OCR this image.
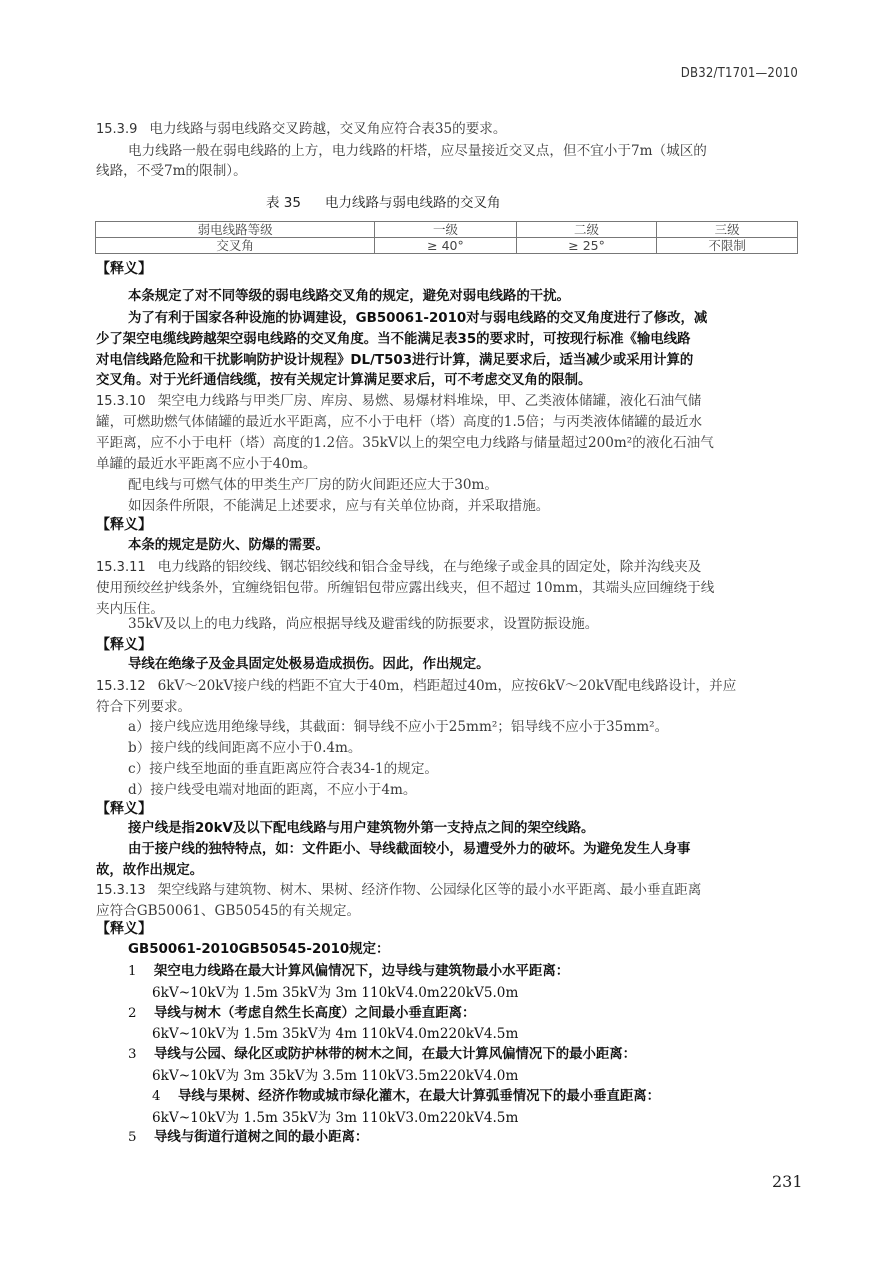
DB32/T1701—2010
15.3.9 电力线路与弱电线路交叉跨越，交叉角应符合表35的要求。
电力线路一般在弱电线路的上方，电力线路的杆塔，应尽量接近交叉点，但不宜小于7m（城区的
线路，不受7m的限制）。
表 35 电力线路与弱电线路的交叉角
弱电线路等级	一级	二级	三级
交叉角	≥ 40°	≥ 25°	不限制
【释义】
本条规定了对不同等级的弱电线路交叉角的规定，避免对弱电线路的干扰。
为了有利于国家各种设施的协调建设，GB50061-2010对与弱电线路的交叉角度进行了修改，减
少了架空电缆线跨越架空弱电线路的交叉角度。当不能满足表35的要求时，可按现行标准《输电线路
对电信线路危险和干扰影响防护设计规程》DL/T503进行计算，满足要求后，适当减少或采用计算的
交叉角。对于光纤通信线缆，按有关规定计算满足要求后，可不考虑交叉角的限制。
15.3.10 架空电力线路与甲类厂房、库房、易燃、易爆材料堆垛，甲、乙类液体储罐，液化石油气储
罐，可燃助燃气体储罐的最近水平距离，应不小于电杆（塔）高度的1.5倍；与丙类液体储罐的最近水
平距离，应不小于电杆（塔）高度的1.2倍。35kV以上的架空电力线路与储量超过200m²的液化石油气
单罐的最近水平距离不应小于40m。
配电线与可燃气体的甲类生产厂房的防火间距还应大于30m。
如因条件所限，不能满足上述要求，应与有关单位协商，并采取措施。
【释义】
本条的规定是防火、防爆的需要。
15.3.11 电力线路的铝绞线、钢芯铝绞线和铝合金导线，在与绝缘子或金具的固定处，除并沟线夹及
使用预绞丝护线条外，宜缠绕铝包带。所缠铝包带应露出线夹，但不超过 10mm，其端头应回缠绕于线
夹内压住。
35kV及以上的电力线路，尚应根据导线及避雷线的防振要求，设置防振设施。
【释义】
导线在绝缘子及金具固定处极易造成损伤。因此，作出规定。
15.3.12 6kV～20kV接户线的档距不宜大于40m，档距超过40m，应按6kV～20kV配电线路设计，并应
符合下列要求。
a）接户线应选用绝缘导线，其截面：铜导线不应小于25mm²；铝导线不应小于35mm²。
b）接户线的线间距离不应小于0.4m。
c）接户线至地面的垂直距离应符合表34-1的规定。
d）接户线受电端对地面的距离，不应小于4m。
【释义】
接户线是指20kV及以下配电线路与用户建筑物外第一支持点之间的架空线路。
由于接户线的独特特点，如：文件距小、导线截面较小，易遭受外力的破坏。为避免发生人身事
故，故作出规定。
15.3.13 架空线路与建筑物、树木、果树、经济作物、公园绿化区等的最小水平距离、最小垂直距离
应符合GB50061、GB50545的有关规定。
【释义】
GB50061-2010GB50545-2010规定：
1 架空电力线路在最大计算风偏情况下，边导线与建筑物最小水平距离：
6kV~10kV为 1.5m 35kV为 3m 110kV4.0m220kV5.0m
2 导线与树木（考虑自然生长高度）之间最小垂直距离：
6kV~10kV为 1.5m 35kV为 4m 110kV4.0m220kV4.5m
3 导线与公园、绿化区或防护林带的树木之间，在最大计算风偏情况下的最小距离：
6kV~10kV为 3m 35kV为 3.5m 110kV3.5m220kV4.0m
4 导线与果树、经济作物或城市绿化灌木，在最大计算弧垂情况下的最小垂直距离：
6kV~10kV为 1.5m 35kV为 3m 110kV3.0m220kV4.5m
5 导线与街道行道树之间的最小距离：
231
